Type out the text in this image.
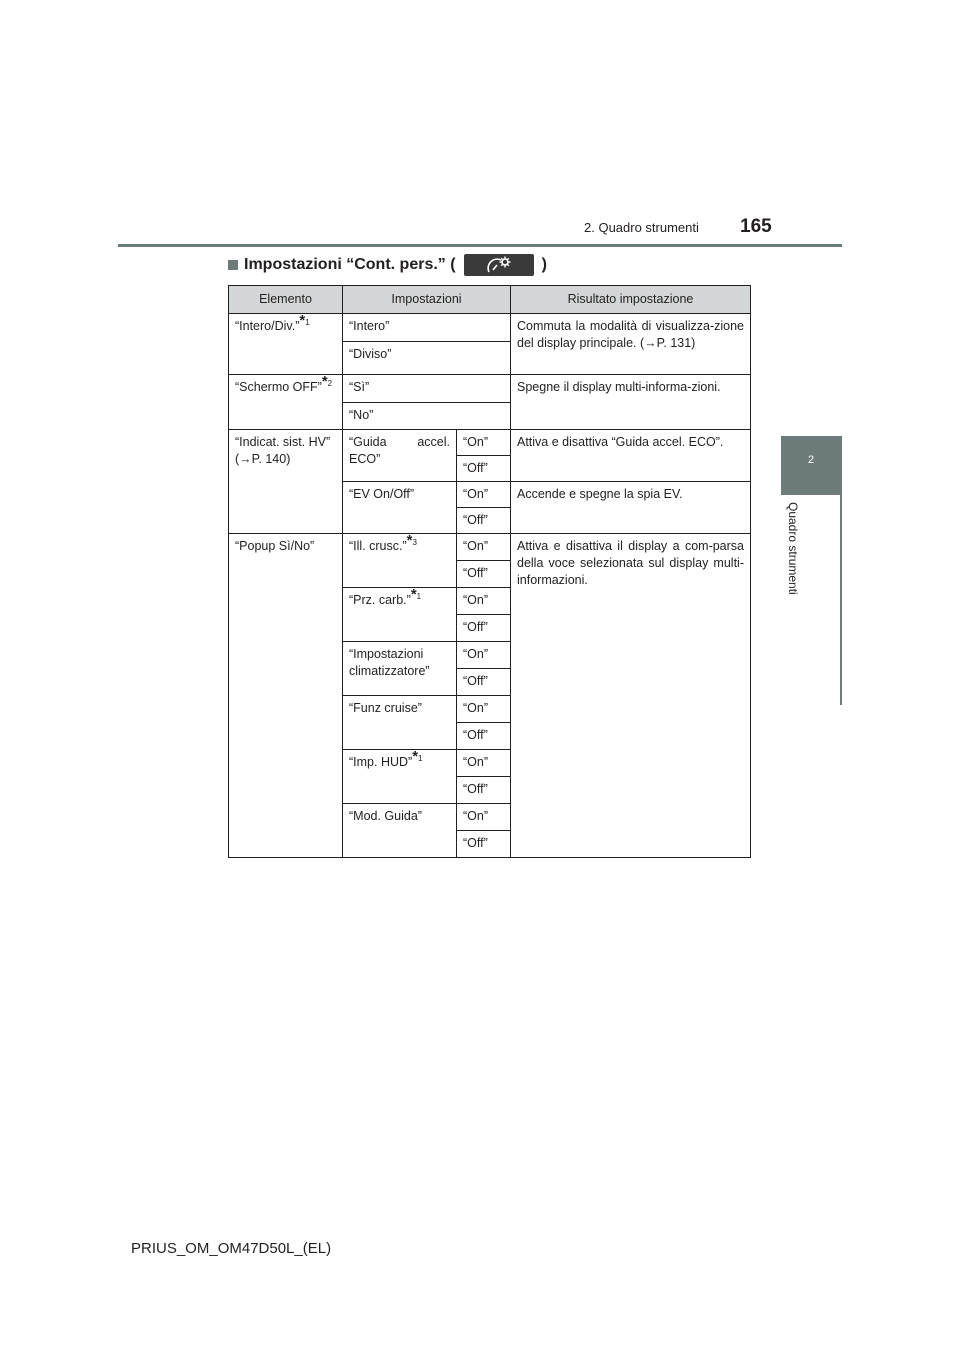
2. Quadro strumenti 165
2
Quadro strumenti
Impostazioni “Cont. pers.” (	)
Elemento	Impostazioni		Risultato impostazione
“Intero/Div.”*$^1$	“Intero”		Commuta la modalità di visualizza-zione del display principale. (→P. 131)
	“Diviso”		
“Schermo OFF”*$^2$	“Sì”		Spegne il display multi-informa-zioni.
	“No”		
“Indicat. sist. HV” (→P. 140)	“Guida accel. ECO”	“On”	Attiva e disattiva “Guida accel. ECO”.
		“Off”	
	“EV On/Off”	“On”	Accende e spegne la spia EV.
		“Off”	
“Popup Sì/No”	“Ill. crusc.”*$^3$	“On”	Attiva e disattiva il display a com-parsa della voce selezionata sul display multi-informazioni.
		“Off”	
	“Prz. carb.”*$^1$	“On”	
		“Off”	
	“Impostazioni climatizzatore”	“On”	
		“Off”	
	“Funz cruise”	“On”	
		“Off”	
	“Imp. HUD”*$^1$	“On”	
		“Off”	
	“Mod. Guida”	“On”	
		“Off”	
PRIUS_OM_OM47D50L_(EL)
